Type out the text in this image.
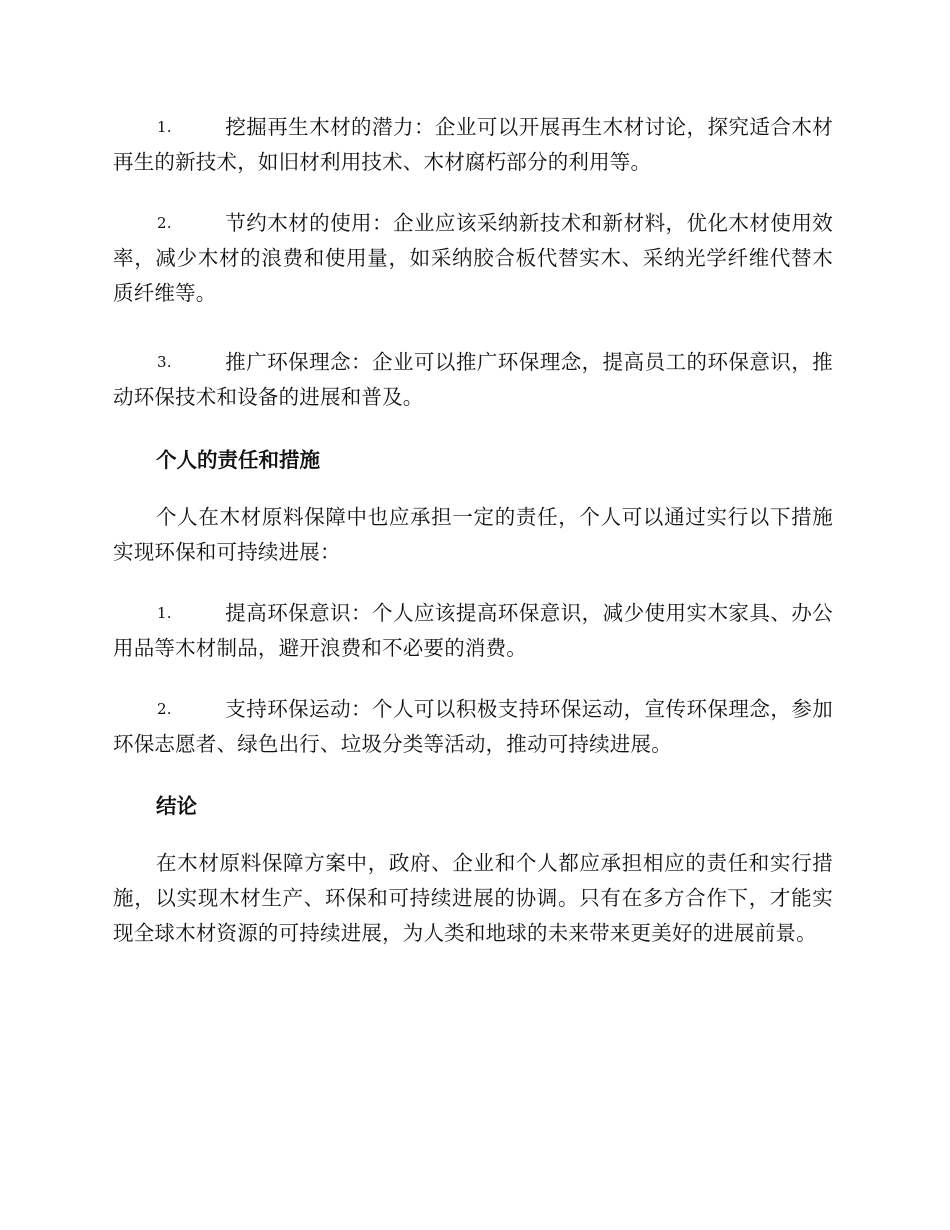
1.	挖掘再生木材的潜力：企业可以开展再生木材讨论，探究适合木材再生的新技术，如旧材利用技术、木材腐朽部分的利用等。
2.	节约木材的使用：企业应该采纳新技术和新材料，优化木材使用效率，减少木材的浪费和使用量，如采纳胶合板代替实木、采纳光学纤维代替木质纤维等。
3.	推广环保理念：企业可以推广环保理念，提高员工的环保意识，推动环保技术和设备的进展和普及。
个人的责任和措施
个人在木材原料保障中也应承担一定的责任，个人可以通过实行以下措施实现环保和可持续进展：
1.	提高环保意识：个人应该提高环保意识，减少使用实木家具、办公用品等木材制品，避开浪费和不必要的消费。
2.	支持环保运动：个人可以积极支持环保运动，宣传环保理念，参加环保志愿者、绿色出行、垃圾分类等活动，推动可持续进展。
结论
在木材原料保障方案中，政府、企业和个人都应承担相应的责任和实行措施，以实现木材生产、环保和可持续进展的协调。只有在多方合作下，才能实现全球木材资源的可持续进展，为人类和地球的未来带来更美好的进展前景。
